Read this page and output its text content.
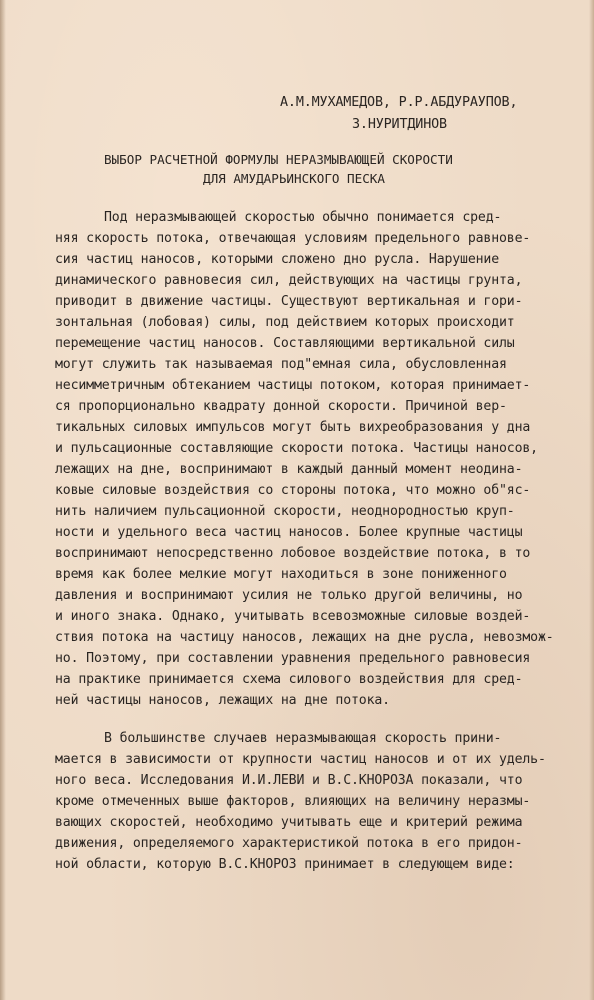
А.М.МУХАМЕДОВ, Р.Р.АБДУРАУПОВ,
З.НУРИТДИНОВ
ВЫБОР РАСЧЕТНОЙ ФОРМУЛЫ НЕРАЗМЫВАЮЩЕЙ СКОРОСТИ
ДЛЯ АМУДАРЬИНСКОГО ПЕСКА
Под неразмывающей скоростью обычно понимается сред-
няя скорость потока, отвечающая условиям предельного равнове-
сия частиц наносов, которыми сложено дно русла. Нарушение
динамического равновесия сил, действующих на частицы грунта,
приводит в движение частицы. Существуют вертикальная и гори-
зонтальная (лобовая) силы, под действием которых происходит
перемещение частиц наносов. Составляющими вертикальной силы
могут служить так называемая под"емная сила, обусловленная
несимметричным обтеканием частицы потоком, которая принимает-
ся пропорционально квадрату донной скорости. Причиной вер-
тикальных силовых импульсов могут быть вихреобразования у дна
и пульсационные составляющие скорости потока. Частицы наносов,
лежащих на дне, воспринимают в каждый данный момент неодина-
ковые силовые воздействия со стороны потока, что можно об"яс-
нить наличием пульсационной скорости, неоднородностью круп-
ности и удельного веса частиц наносов. Более крупные частицы
воспринимают непосредственно лобовое воздействие потока, в то
время как более мелкие могут находиться в зоне пониженного
давления и воспринимают усилия не только другой величины, но
и иного знака. Однако, учитывать всевозможные силовые воздей-
ствия потока на частицу наносов, лежащих на дне русла, невозмож-
но. Поэтому, при составлении уравнения предельного равновесия
на практике принимается схема силового воздействия для сред-
ней частицы наносов, лежащих на дне потока.
В большинстве случаев неразмывающая скорость прини-
мается в зависимости от крупности частиц наносов и от их удель-
ного веса. Исследования И.И.ЛЕВИ и В.С.КНОРОЗА показали, что
кроме отмеченных выше факторов, влияющих на величину неразмы-
вающих скоростей, необходимо учитывать еще и критерий режима
движения, определяемого характеристикой потока в его придон-
ной области, которую В.С.КНОРОЗ принимает в следующем виде:
